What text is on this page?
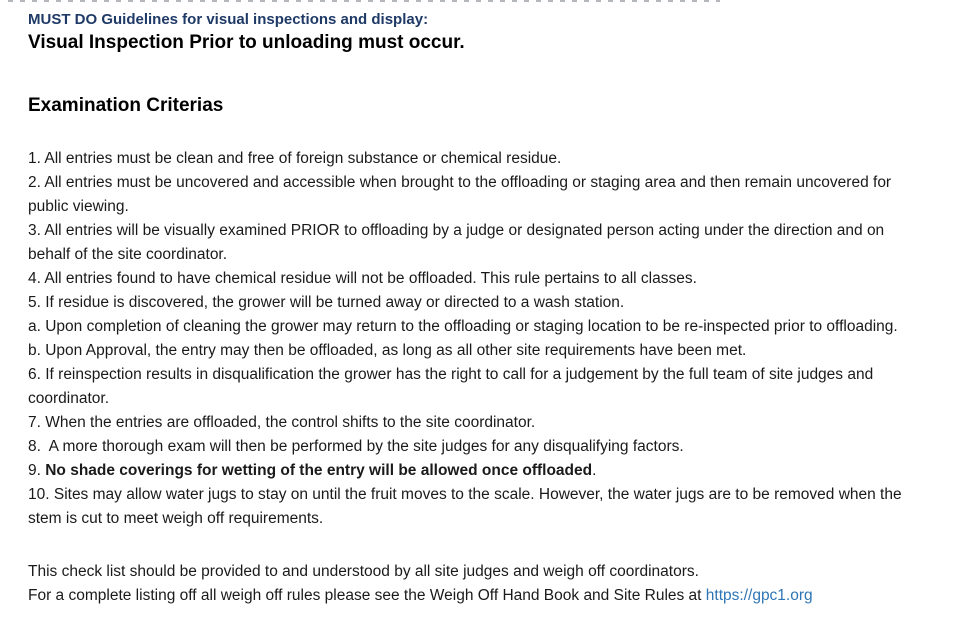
MUST DO Guidelines for visual inspections and display:
Visual Inspection Prior to unloading must occur.
Examination Criterias

1. All entries must be clean and free of foreign substance or chemical residue.

2. All entries must be uncovered and accessible when brought to the offloading or staging area and then remain uncovered for public viewing.

3. All entries will be visually examined PRIOR to offloading by a judge or designated person acting under the direction and on behalf of the site coordinator.

4. All entries found to have chemical residue will not be offloaded. This rule pertains to all classes.

5. If residue is discovered, the grower will be turned away or directed to a wash station.

a. Upon completion of cleaning the grower may return to the offloading or staging location to be re-inspected prior to offloading.

b. Upon Approval, the entry may then be offloaded, as long as all other site requirements have been met.

6. If reinspection results in disqualification the grower has the right to call for a judgement by the full team of site judges and coordinator.

7. When the entries are offloaded, the control shifts to the site coordinator.

8.  A more thorough exam will then be performed by the site judges for any disqualifying factors.

9. No shade coverings for wetting of the entry will be allowed once offloaded.

10. Sites may allow water jugs to stay on until the fruit moves to the scale. However, the water jugs are to be removed when the stem is cut to meet weigh off requirements.

This check list should be provided to and understood by all site judges and weigh off coordinators.

For a complete listing off all weigh off rules please see the Weigh Off Hand Book and Site Rules at https://gpc1.org
